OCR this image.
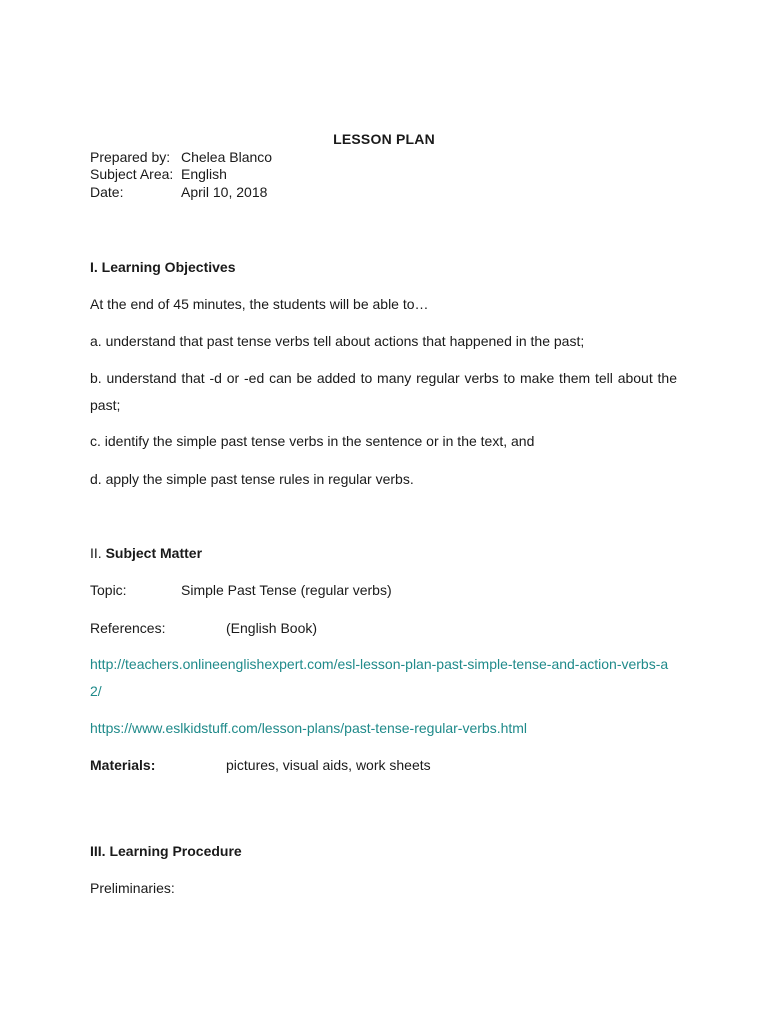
LESSON PLAN
Prepared by: Chelea Blanco
Subject Area: English
Date:	April 10, 2018
I. Learning Objectives
At the end of 45 minutes, the students will be able to…
a. understand that past tense verbs tell about actions that happened in the past;
b. understand that -d or -ed can be added to many regular verbs to make them tell about the past;
c. identify the simple past tense verbs in the sentence or in the text, and
d. apply the simple past tense rules in regular verbs.
II. Subject Matter
Topic:	Simple Past Tense (regular verbs)
References:	(English Book)
http://teachers.onlineenglishexpert.com/esl-lesson-plan-past-simple-tense-and-action-verbs-a2/
https://www.eslkidstuff.com/lesson-plans/past-tense-regular-verbs.html
Materials:	pictures, visual aids, work sheets
III. Learning Procedure
Preliminaries:
